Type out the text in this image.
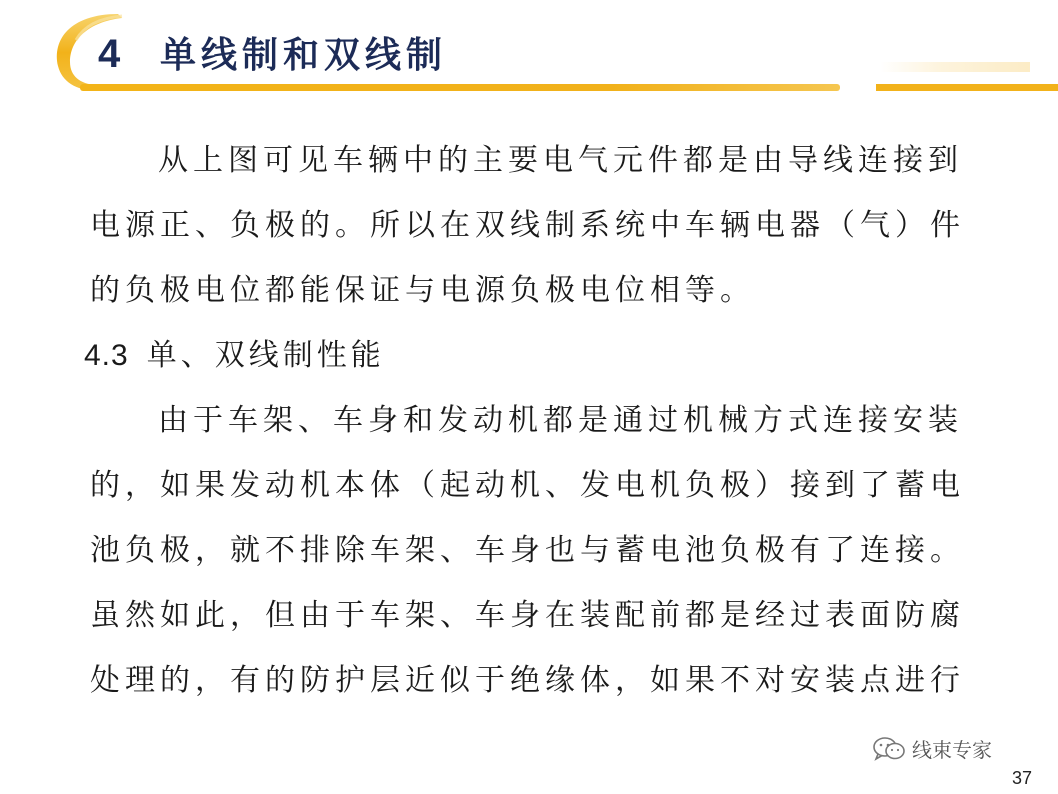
4 单线制和双线制
从上图可见车辆中的主要电气元件都是由导线连接到
电源正、负极的。所以在双线制系统中车辆电器（气）件
的负极电位都能保证与电源负极电位相等。
4.3 单、双线制性能
由于车架、车身和发动机都是通过机械方式连接安装
的，如果发动机本体（起动机、发电机负极）接到了蓄电
池负极，就不排除车架、车身也与蓄电池负极有了连接。
虽然如此，但由于车架、车身在装配前都是经过表面防腐
处理的，有的防护层近似于绝缘体，如果不对安装点进行
线束专家
37
